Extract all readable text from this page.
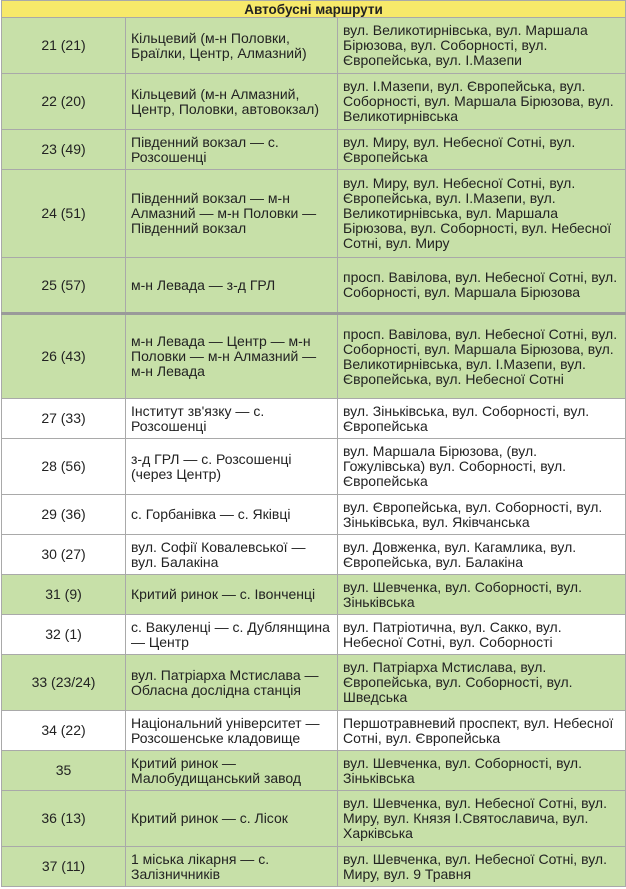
Автобусні маршрути		
21 (21)	Кільцевий (м-н Половки, Браїлки, Центр, Алмазний)	вул. Великотирнівська, вул. Маршала Бірюзова, вул. Соборності, вул. Європейська, вул. І.Мазепи
22 (20)	Кільцевий (м-н Алмазний, Центр, Половки, автовокзал)	вул. І.Мазепи, вул. Європейська, вул. Соборності, вул. Маршала Бірюзова, вул. Великотирнівська
23 (49)	Південний вокзал — с. Розсошенці	вул. Миру, вул. Небесної Сотні, вул. Європейська
24 (51)	Південний вокзал — м-н Алмазний — м-н Половки — Південний вокзал	вул. Миру, вул. Небесної Сотні, вул. Європейська, вул. І.Мазепи, вул. Великотирнівська, вул. Маршала Бірюзова, вул. Соборності, вул. Небесної Сотні, вул. Миру
25 (57)	м-н Левада — з-д ГРЛ	просп. Вавілова, вул. Небесної Сотні, вул. Соборності, вул. Маршала Бірюзова
26 (43)	м-н Левада — Центр — м-н Половки — м-н Алмазний — м-н Левада	просп. Вавілова, вул. Небесної Сотні, вул. Соборності, вул. Маршала Бірюзова, вул. Великотирнівська, вул. І.Мазепи, вул. Європейська, вул. Небесної Сотні
27 (33)	Інститут зв'язку — с. Розсошенці	вул. Зіньківська, вул. Соборності, вул. Європейська
28 (56)	з-д ГРЛ — с. Розсошенці (через Центр)	вул. Маршала Бірюзова, (вул. Гожулівська) вул. Соборності, вул. Європейська
29 (36)	с. Горбанівка — с. Яківці	вул. Європейська, вул. Соборності, вул. Зіньківська, вул. Яківчанська
30 (27)	вул. Софії Ковалевської — вул. Балакіна	вул. Довженка, вул. Кагамлика, вул. Європейська, вул. Балакіна
31 (9)	Критий ринок — с. Івонченці	вул. Шевченка, вул. Соборності, вул. Зіньківська
32 (1)	с. Вакуленці — с. Дублянщина — Центр	вул. Патріотична, вул. Сакко, вул. Небесної Сотні, вул. Соборності
33 (23/24)	вул. Патріарха Мстислава — Обласна дослідна станція	вул. Патріарха Мстислава, вул. Європейська, вул. Соборності, вул. Шведська
34 (22)	Національний університет — Розсошенське кладовище	Першотравневий проспект, вул. Небесної Сотні, вул. Європейська
35	Критий ринок — Малобудищанський завод	вул. Шевченка, вул. Соборності, вул. Зіньківська
36 (13)	Критий ринок — с. Лісок	вул. Шевченка, вул. Небесної Сотні, вул. Миру, вул. Князя І.Святославича, вул. Харківська
37 (11)	1 міська лікарня — с. Залізничників	вул. Шевченка, вул. Небесної Сотні, вул. Миру, вул. 9 Травня
